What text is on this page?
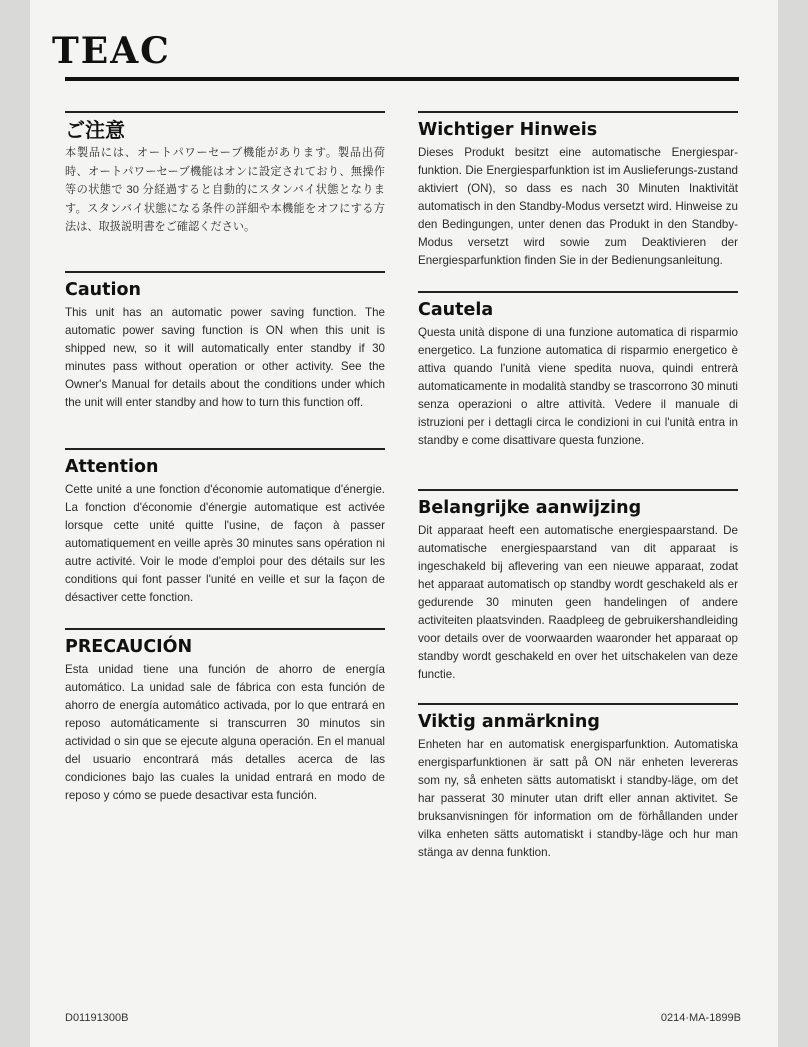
TEAC
ご注意

本製品には、オートパワーセーブ機能があります。製品出荷時、オートパワーセーブ機能はオンに設定されており、無操作等の状態で 30 分経過すると自動的にスタンバイ状態となります。スタンバイ状態になる条件の詳細や本機能をオフにする方法は、取扱説明書をご確認ください。

Caution

This unit has an automatic power saving function. The automatic power saving function is ON when this unit is shipped new, so it will automatically enter standby if 30 minutes pass without operation or other activity. See the Owner's Manual for details about the conditions under which the unit will enter standby and how to turn this function off.

Attention

Cette unité a une fonction d'économie automatique d'énergie. La fonction d'économie d'énergie automatique est activée lorsque cette unité quitte l'usine, de façon à passer automatiquement en veille après 30 minutes sans opération ni autre activité. Voir le mode d'emploi pour des détails sur les conditions qui font passer l'unité en veille et sur la façon de désactiver cette fonction.

PRECAUCIÓN

Esta unidad tiene una función de ahorro de energía automático. La unidad sale de fábrica con esta función de ahorro de energía automático activada, por lo que entrará en reposo automáticamente si transcurren 30 minutos sin actividad o sin que se ejecute alguna operación. En el manual del usuario encontrará más detalles acerca de las condiciones bajo las cuales la unidad entrará en modo de reposo y cómo se puede desactivar esta función.

Wichtiger Hinweis

Dieses Produkt besitzt eine automatische Energiespar-funktion. Die Energiesparfunktion ist im Auslieferungs-zustand aktiviert (ON), so dass es nach 30 Minuten Inaktivität automatisch in den Standby-Modus versetzt wird. Hinweise zu den Bedingungen, unter denen das Produkt in den Standby-Modus versetzt wird sowie zum Deaktivieren der Energiesparfunktion finden Sie in der Bedienungsanleitung.

Cautela

Questa unità dispone di una funzione automatica di risparmio energetico. La funzione automatica di risparmio energetico è attiva quando l'unità viene spedita nuova, quindi entrerà automaticamente in modalità standby se trascorrono 30 minuti senza operazioni o altre attività. Vedere il manuale di istruzioni per i dettagli circa le condizioni in cui l'unità entra in standby e come disattivare questa funzione.

Belangrijke aanwijzing

Dit apparaat heeft een automatische energiespaarstand. De automatische energiespaarstand van dit apparaat is ingeschakeld bij aflevering van een nieuwe apparaat, zodat het apparaat automatisch op standby wordt geschakeld als er gedurende 30 minuten geen handelingen of andere activiteiten plaatsvinden. Raadpleeg de gebruikershandleiding voor details over de voorwaarden waaronder het apparaat op standby wordt geschakeld en over het uitschakelen van deze functie.

Viktig anmärkning

Enheten har en automatisk energisparfunktion. Automatiska energisparfunktionen är satt på ON när enheten levereras som ny, så enheten sätts automatiskt i standby-läge, om det har passerat 30 minuter utan drift eller annan aktivitet. Se bruksanvisningen för information om de förhållanden under vilka enheten sätts automatiskt i standby-läge och hur man stänga av denna funktion.

D01191300B	0214·MA-1899B
